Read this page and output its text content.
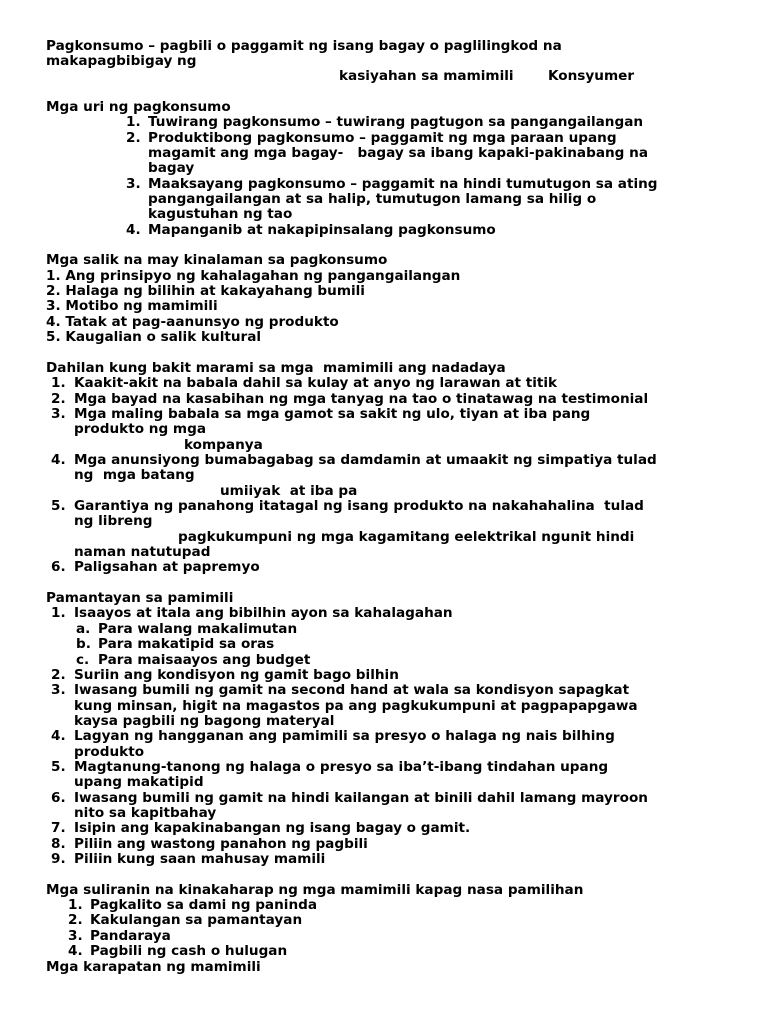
Pagkonsumo – pagbili o paggamit ng isang bagay o paglilingkod na
makapagbibigay ng
kasiyahan sa mamimili	Konsyumer
Mga uri ng pagkonsumo
1. Tuwirang pagkonsumo – tuwirang pagtugon sa pangangailangan
2. Produktibong pagkonsumo – paggamit ng mga paraan upang
magamit ang mga bagay-   bagay sa ibang kapaki-pakinabang na
bagay
3. Maaksayang pagkonsumo – paggamit na hindi tumutugon sa ating
pangangailangan at sa halip, tumutugon lamang sa hilig o
kagustuhan ng tao
4. Mapanganib at nakapipinsalang pagkonsumo
Mga salik na may kinalaman sa pagkonsumo
1. Ang prinsipyo ng kahalagahan ng pangangailangan
2. Halaga ng bilihin at kakayahang bumili
3. Motibo ng mamimili
4. Tatak at pag-aanunsyo ng produkto
5. Kaugalian o salik kultural
Dahilan kung bakit marami sa mga  mamimili ang nadadaya
1. Kaakit-akit na babala dahil sa kulay at anyo ng larawan at titik
2. Mga bayad na kasabihan ng mga tanyag na tao o tinatawag na testimonial
3. Mga maling babala sa mga gamot sa sakit ng ulo, tiyan at iba pang
produkto ng mga
kompanya
4. Mga anunsiyong bumabagabag sa damdamin at umaakit ng simpatiya tulad
ng  mga batang
umiiyak  at iba pa
5. Garantiya ng panahong itatagal ng isang produkto na nakahahalina  tulad
ng libreng
pagkukumpuni ng mga kagamitang eelektrikal ngunit hindi
naman natutupad
6. Paligsahan at papremyo
Pamantayan sa pamimili
1. Isaayos at itala ang bibilhin ayon sa kahalagahan
a. Para walang makalimutan
b. Para makatipid sa oras
c. Para maisaayos ang budget
2. Suriin ang kondisyon ng gamit bago bilhin
3. Iwasang bumili ng gamit na second hand at wala sa kondisyon sapagkat
kung minsan, higit na magastos pa ang pagkukumpuni at pagpapapgawa
kaysa pagbili ng bagong materyal
4. Lagyan ng hangganan ang pamimili sa presyo o halaga ng nais bilhing
produkto
5. Magtanung-tanong ng halaga o presyo sa iba’t-ibang tindahan upang
upang makatipid
6. Iwasang bumili ng gamit na hindi kailangan at binili dahil lamang mayroon
nito sa kapitbahay
7. Isipin ang kapakinabangan ng isang bagay o gamit.
8. Piliin ang wastong panahon ng pagbili
9. Piliin kung saan mahusay mamili
Mga suliranin na kinakaharap ng mga mamimili kapag nasa pamilihan
1. Pagkalito sa dami ng paninda
2. Kakulangan sa pamantayan
3. Pandaraya
4. Pagbili ng cash o hulugan
Mga karapatan ng mamimili
